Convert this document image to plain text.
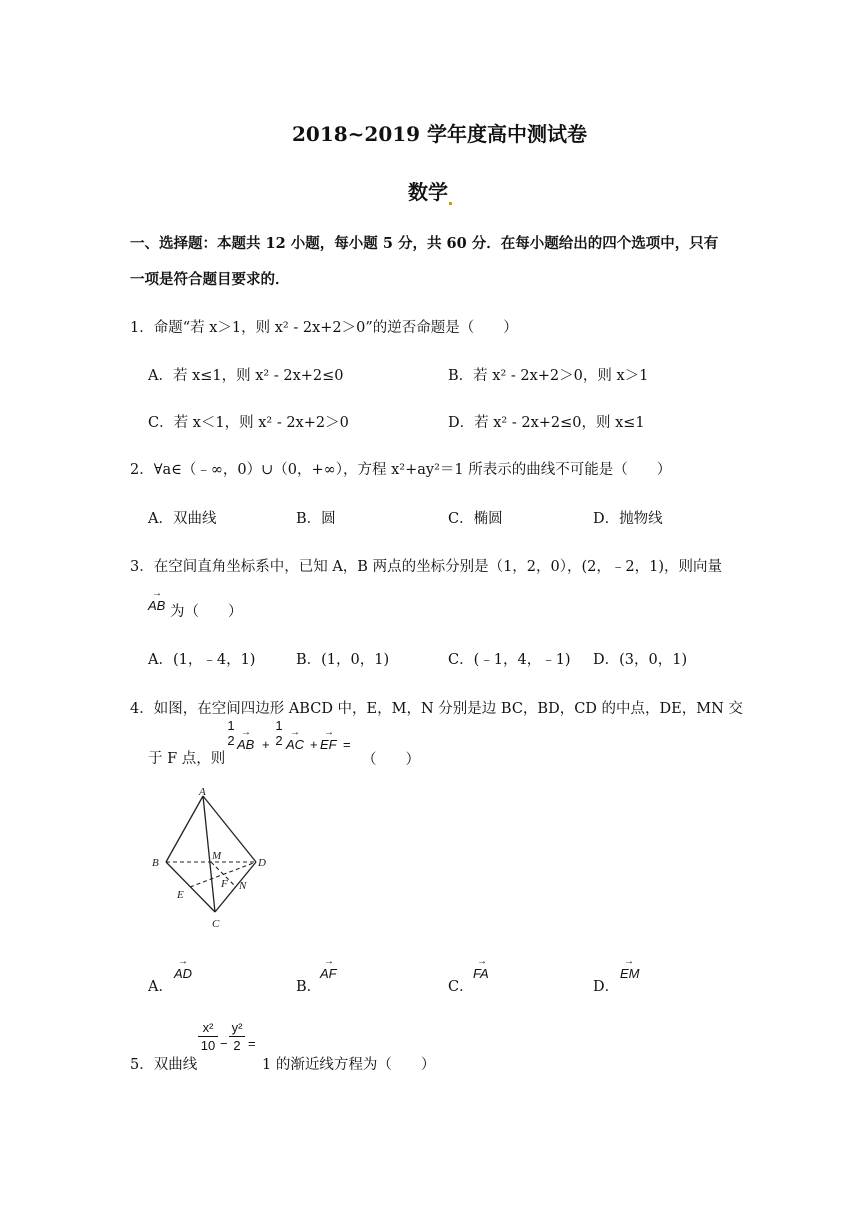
2018~2019 学年度高中测试卷
数学
一、选择题：本题共 12 小题，每小题 5 分，共 60 分．在每小题给出的四个选项中，只有
一项是符合题目要求的．
1．命题“若 x＞1，则 x² ‑ 2x+2＞0”的逆否命题是（　　）
A．若 x≤1，则 x² ‑ 2x+2≤0	B．若 x² ‑ 2x+2＞0，则 x＞1
C．若 x＜1，则 x² ‑ 2x+2＞0	D．若 x² ‑ 2x+2≤0，则 x≤1
2．∀a∈（﹣∞，0）∪（0，+∞），方程 x²+ay²＝1 所表示的曲线不可能是（　　）
A．双曲线	B．圆	C．椭圆	D．抛物线
3．在空间直角坐标系中，已知 A，B 两点的坐标分别是（1，2，0），(2，﹣2，1)，则向量
→
AB 为（　　）
A．(1，﹣4，1)	B．(1，0，1)	C．(﹣1，4，﹣1) D．(3，0，1)
4．如图，在空间四边形 ABCD 中，E，M，N 分别是边 BC，BD，CD 的中点，DE，MN 交
于 F 点，则
1
2
→
AB +
1
2
→
AC +
→
EF =
（　　）
A
B
C
D
M
E
F N
A．
→
AD
B．
→
AF
C．
→
FA
D．
→
EM
5．双曲线
x²
10 −
y²
2 =
1 的渐近线方程为（　　）
